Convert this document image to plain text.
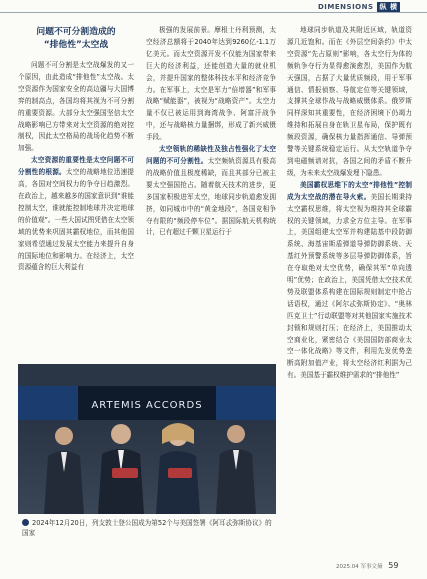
DIMENSIONS 纵 横
问题不可分割造成的
“排他性”太空战

问题不可分割是太空战爆发的又一个原因，由此造成“排他性”太空战。太空资源作为国家安全的高边疆与大国博弈的制高点，各国均将其视为不可分割的重要资源。大部分太空强国坚信太空战略影响已方带来对太空资源的绝对控制权，因此太空格局的战场化趋势不断加强。

太空资源的重要性是太空问题不可分割性的根源。太空的战略地位迅速提高，各国对空间权力的争夺日趋激烈。在政治上，越来越多的国家意识到“谁能控制太空，谁就能控制地球并决定地球的价值观”。一些大国试图凭借在太空领域的优势来巩固其霸权地位，而其他国家则希望通过发展太空能力来提升自身的国际地位和影响力。在经济上，太空资源蕴含的巨大利益有

极强的发展前景。摩根士丹利预测，太空经济总额将于2040年达到9260亿-1.1万亿美元。而太空资源开发不仅能为国家带来巨大的经济利益，还能创造大量的就业机会，并提升国家的整体科技水平和经济竞争力。在军事上，太空是军力“倍增器”和军事战略“赋能器”，被视为“战略资产”。太空力量不仅已被运用到海湾战争、阿富汗战争中，还与战略核力量捆绑，形成了新兴威慑手段。

太空领轨的稀缺性及独占性强化了太空问题的不可分割性。太空频轨资源具有极高的战略价值且极度稀缺，而且其部分已被主要太空强国抢占。随着航天技术的进步，更多国家积极进军太空，地球同步轨道愈发拥挤，如同城市中的“黄金地段”，各国竞相争夺有限的“频段停车位”。据国际航天机构统计，已有超过千颗卫星运行于

地球同步轨道及其附近区域，轨道资源几近饱和。而在《外层空间条约》中太空资源“先占原则”影响，各太空行为体的频轨争夺行为显得愈演愈烈，美国作为航天强国，占据了大量优质频段，用于军事通信、情报侦察、导航定位等关键领域，支撑其全球作战与战略威慑体系。俄罗斯同样深知其重要性，在经济困境下仍竭力维持和拓展自身在轨卫星布局，保护既有频段资源，确保核力量指挥通信、导弹预警等关键系统稳定运行。从太空轨道争夺到电磁频谱对抗，各国之间的矛盾不断升级，为未来太空战爆发埋下隐患。

美国霸权思维下的太空“排他性”控制成为太空战的潜在导火索。美国长期秉持太空霸权思维，将太空视为维持其全球霸权的关键领域，力求全方位主导。在军事上，美国组建太空军并构建陆基中段防御系统、海基宙斯盾弹道导弹防御系统、天基红外预警系统等多层导弹防御体系，旨在夺取绝对太空优势，确保其军“单向透明”优势；在政治上，美国凭借太空技术优势及联盟体系构建在国际规则制定中抢占话语权，通过《阿尔忒弥斯协定》、“奥林匹克卫士”行动联盟等对其他国家实施技术封锁和规则打压；在经济上，美国推动太空商业化，紧密结合《美国国防部商业太空一体化战略》等文件，利用先发优势垄断高附加值产业，将太空经济红利据为己有。美国基于霸权维护需求的“排他性”

ARTEMIS ACCORDS
2024年12月20日，列支敦士登公国成为第52个与美国签署《阿耳忒弥斯协议》的国家
2025.04 军事文摘 59
